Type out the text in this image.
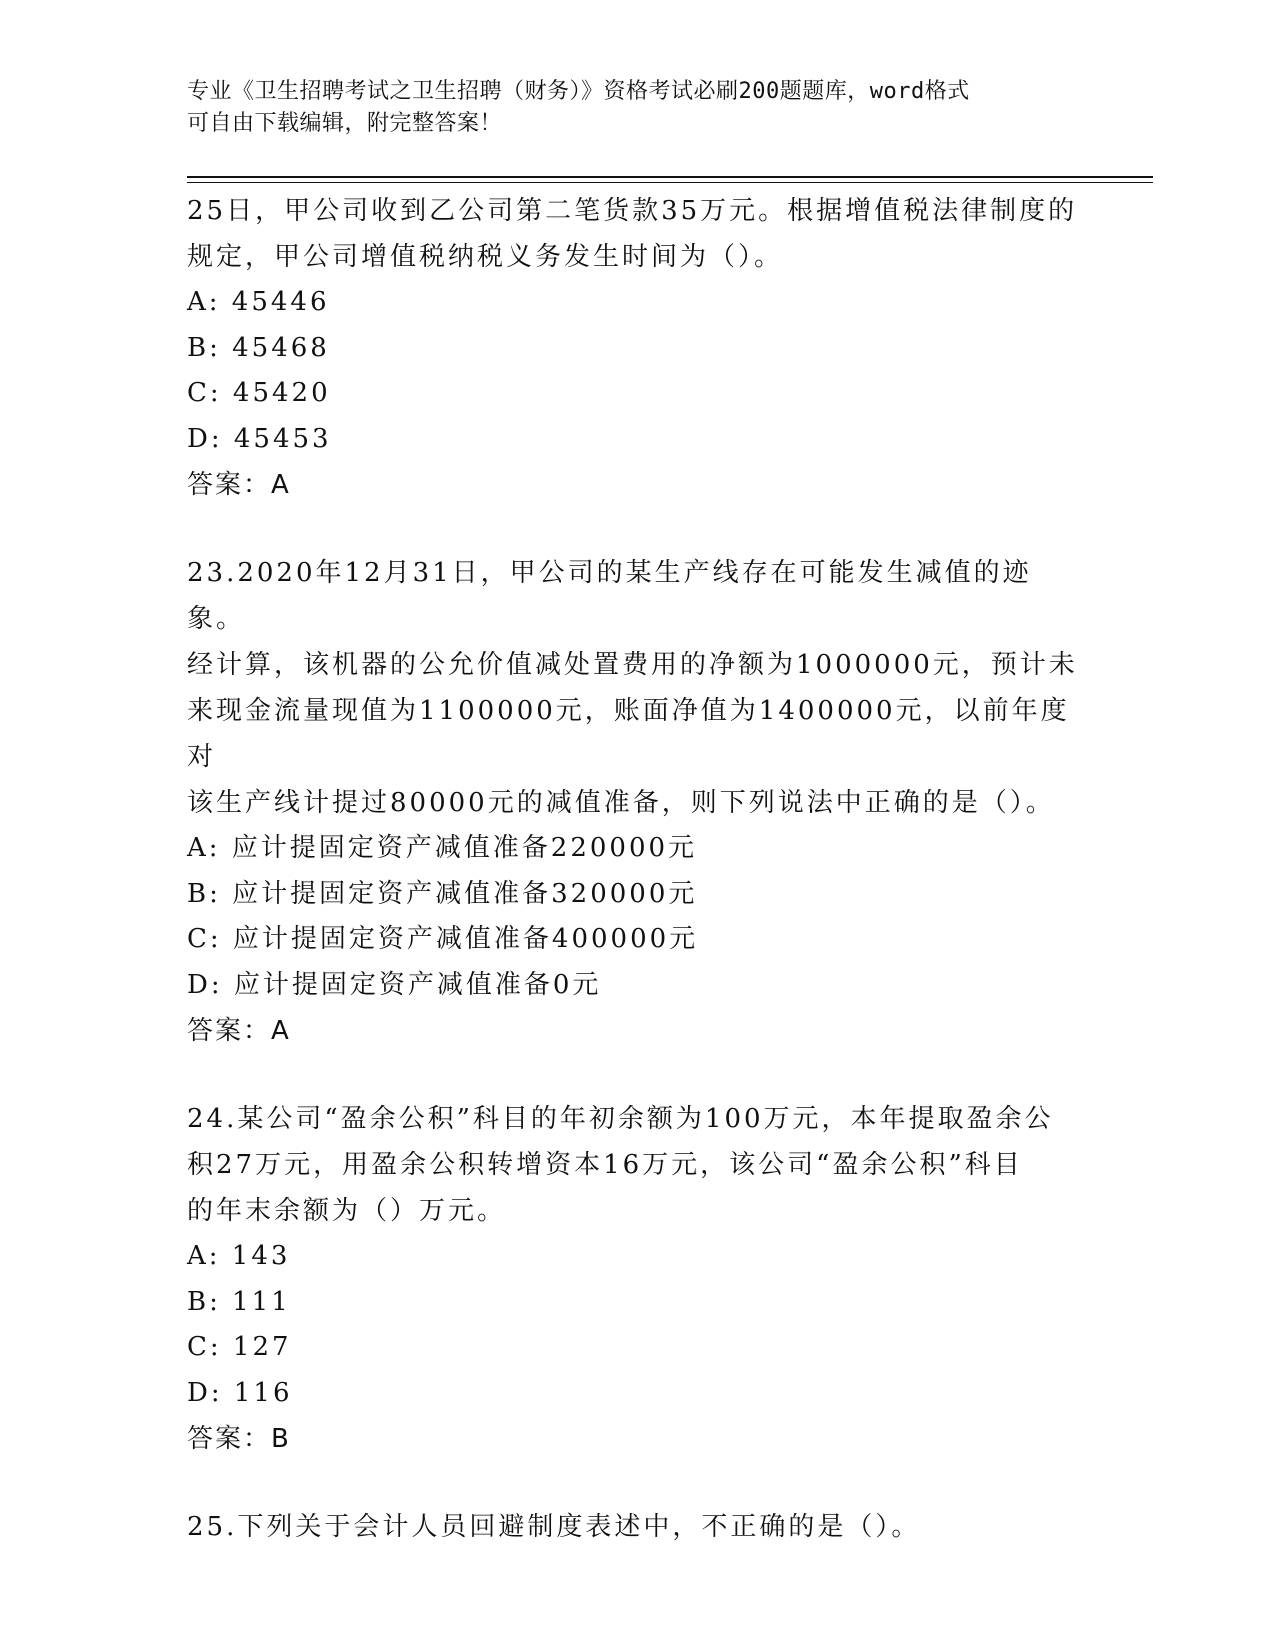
专业《卫生招聘考试之卫生招聘（财务）》资格考试必刷200题题库，word格式
可自由下载编辑，附完整答案！

25日，甲公司收到乙公司第二笔货款35万元。根据增值税法律制度的

规定，甲公司增值税纳税义务发生时间为（）。

A: 45446

B: 45468

C: 45420

D: 45453

答案：A

23.2020年12月31日，甲公司的某生产线存在可能发生减值的迹象。

经计算，该机器的公允价值减处置费用的净额为1000000元，预计未

来现金流量现值为1100000元，账面净值为1400000元，以前年度对

该生产线计提过80000元的减值准备，则下列说法中正确的是（）。

A: 应计提固定资产减值准备220000元

B: 应计提固定资产减值准备320000元

C: 应计提固定资产减值准备400000元

D: 应计提固定资产减值准备0元

答案：A

24.某公司“盈余公积”科目的年初余额为100万元，本年提取盈余公

积27万元，用盈余公积转增资本16万元，该公司“盈余公积”科目

的年末余额为（）万元。

A: 143

B: 111

C: 127

D: 116

答案：B

25.下列关于会计人员回避制度表述中，不正确的是（）。
